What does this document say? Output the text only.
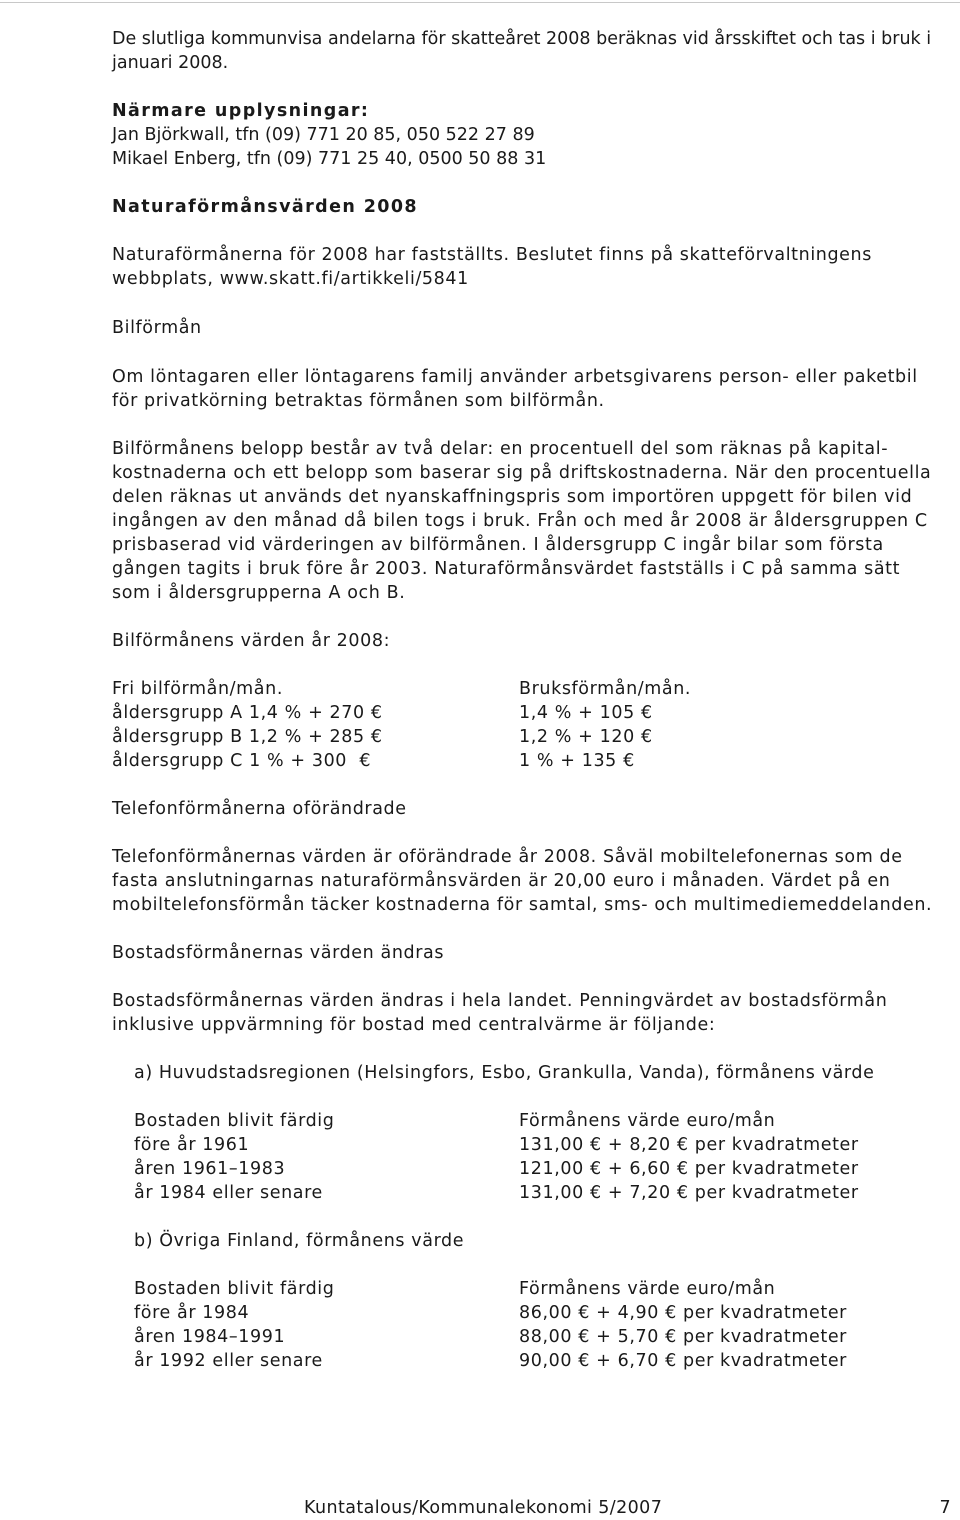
De slutliga kommunvisa andelarna för skatteåret 2008 beräknas vid årsskiftet och tas i bruk i januari 2008.

Närmare upplysningar:

Jan Björkwall, tfn (09) 771 20 85, 050 522 27 89

Mikael Enberg, tfn (09) 771 25 40, 0500 50 88 31

Naturaförmånsvärden 2008

Naturaförmånerna för 2008 har fastställts. Beslutet finns på skatteförvaltningens webbplats, www.skatt.fi/artikkeli/5841

Bilförmån

Om löntagaren eller löntagarens familj använder arbetsgivarens person- eller paketbil för privatkörning betraktas förmånen som bilförmån.

Bilförmånens belopp består av två delar: en procentuell del som räknas på kapitalkostnaderna och ett belopp som baserar sig på driftskostnaderna. När den procentuella delen räknas ut används det nyanskaffningspris som importören uppgett för bilen vid ingången av den månad då bilen togs i bruk. Från och med år 2008 är åldersgruppen C prisbaserad vid värderingen av bilförmånen. I åldersgrupp C ingår bilar som första gången tagits i bruk före år 2003. Naturaförmånsvärdet fastställs i C på samma sätt som i åldersgrupperna A och B.

Bilförmånens värden år 2008:

Fri bilförmån/mån.	Bruksförmån/mån.
åldersgrupp A 1,4 % + 270 €	1,4 % + 105 €
åldersgrupp B 1,2 % + 285 €	1,2 % + 120 €
åldersgrupp C 1 % + 300  €	1 % + 135 €

Telefonförmånerna oförändrade

Telefonförmånernas värden är oförändrade år 2008. Såväl mobiltelefonernas som de fasta anslutningarnas naturaförmånsvärden är 20,00 euro i månaden. Värdet på en mobiltelefonsförmån täcker kostnaderna för samtal, sms- och multimediemeddelanden.

Bostadsförmånernas värden ändras

Bostadsförmånernas värden ändras i hela landet. Penningvärdet av bostadsförmån inklusive uppvärmning för bostad med centralvärme är följande:

a) Huvudstadsregionen (Helsingfors, Esbo, Grankulla, Vanda), förmånens värde

Bostaden blivit färdig	Förmånens värde euro/mån
före år 1961	131,00 € + 8,20 € per kvadratmeter
åren 1961–1983	121,00 € + 6,60 € per kvadratmeter
år 1984 eller senare	131,00 € + 7,20 € per kvadratmeter

b) Övriga Finland, förmånens värde

Bostaden blivit färdig	Förmånens värde euro/mån
före år 1984	86,00 € + 4,90 € per kvadratmeter
åren 1984–1991	88,00 € + 5,70 € per kvadratmeter
år 1992 eller senare	90,00 € + 6,70 € per kvadratmeter
Kuntatalous/Kommunalekonomi 5/2007	7
